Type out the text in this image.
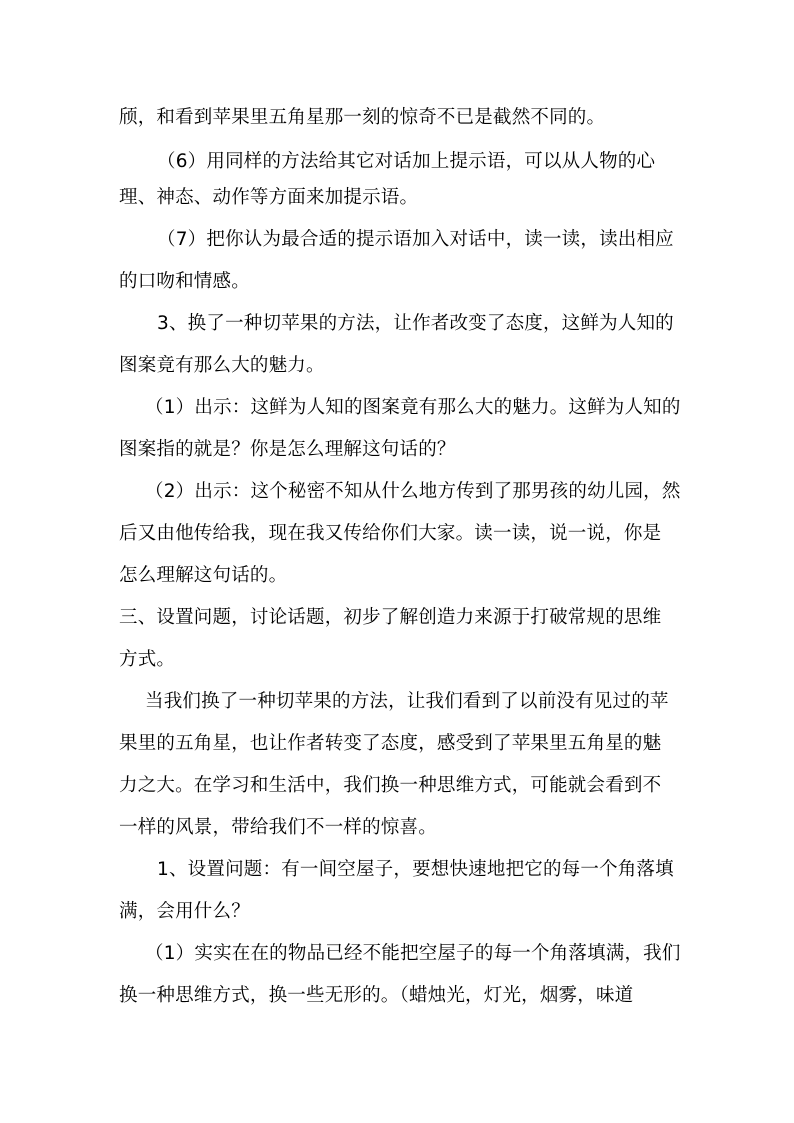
颀，和看到苹果里五角星那一刻的惊奇不已是截然不同的。
（6）用同样的方法给其它对话加上提示语，可以从人物的心
理、神态、动作等方面来加提示语。
（7）把你认为最合适的提示语加入对话中，读一读，读出相应
的口吻和情感。
3、换了一种切苹果的方法，让作者改变了态度，这鲜为人知的
图案竟有那么大的魅力。
（1）出示：这鲜为人知的图案竟有那么大的魅力。这鲜为人知的
图案指的就是？你是怎么理解这句话的？
（2）出示：这个秘密不知从什么地方传到了那男孩的幼儿园，然
后又由他传给我，现在我又传给你们大家。读一读，说一说，你是
怎么理解这句话的。
三、设置问题，讨论话题，初步了解创造力来源于打破常规的思维
方式。
当我们换了一种切苹果的方法，让我们看到了以前没有见过的苹
果里的五角星，也让作者转变了态度，感受到了苹果里五角星的魅
力之大。在学习和生活中，我们换一种思维方式，可能就会看到不
一样的风景，带给我们不一样的惊喜。
1、设置问题：有一间空屋子，要想快速地把它的每一个角落填
满，会用什么？
（1）实实在在的物品已经不能把空屋子的每一个角落填满，我们
换一种思维方式，换一些无形的。（蜡烛光，灯光，烟雾，味道
